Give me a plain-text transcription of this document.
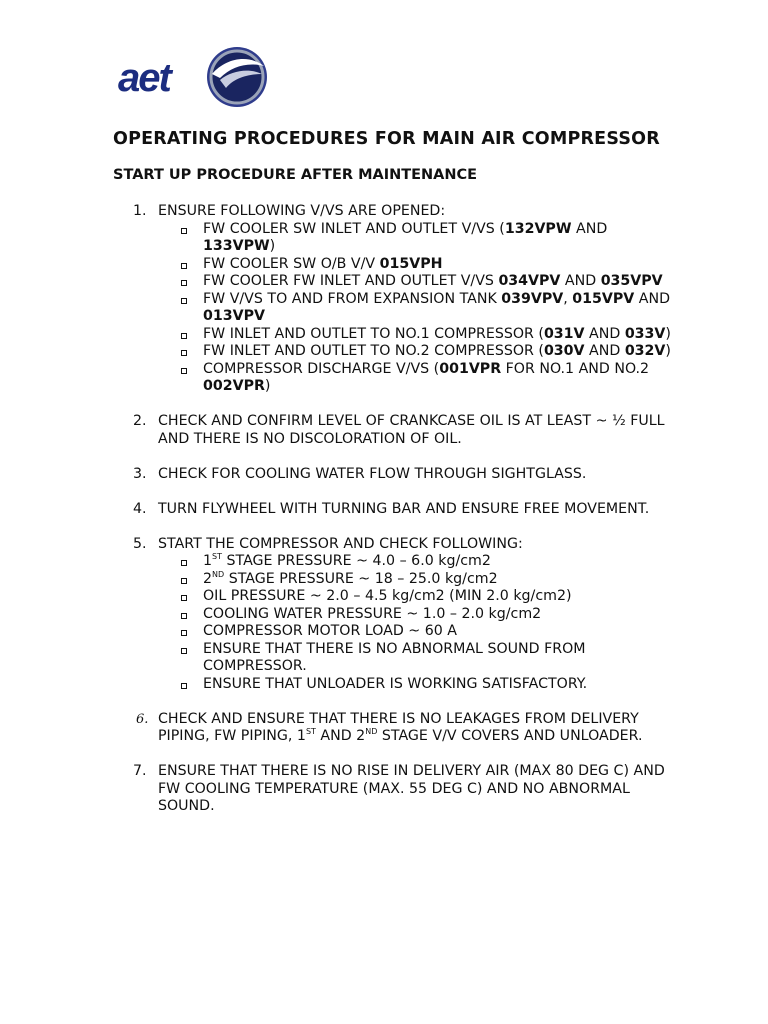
aet
OPERATING PROCEDURES FOR MAIN AIR COMPRESSOR
START UP PROCEDURE AFTER MAINTENANCE
1. ENSURE FOLLOWING V/VS ARE OPENED:
FW COOLER SW INLET AND OUTLET V/VS (132VPW AND 133VPW)
FW COOLER SW O/B V/V 015VPH
FW COOLER FW INLET AND OUTLET V/VS 034VPV AND 035VPV
FW V/VS TO AND FROM EXPANSION TANK 039VPV, 015VPV AND 013VPV
FW INLET AND OUTLET TO NO.1 COMPRESSOR (031V AND 033V)
FW INLET AND OUTLET TO NO.2 COMPRESSOR (030V AND 032V)
COMPRESSOR DISCHARGE V/VS (001VPR FOR NO.1 AND NO.2 002VPR)
2. CHECK AND CONFIRM LEVEL OF CRANKCASE OIL IS AT LEAST ~ ½ FULL AND THERE IS NO DISCOLORATION OF OIL.
3. CHECK FOR COOLING WATER FLOW THROUGH SIGHTGLASS.
4. TURN FLYWHEEL WITH TURNING BAR AND ENSURE FREE MOVEMENT.
5. START THE COMPRESSOR AND CHECK FOLLOWING:
1ST STAGE PRESSURE ~ 4.0 – 6.0 kg/cm2
2ND STAGE PRESSURE ~ 18 – 25.0 kg/cm2
OIL PRESSURE ~ 2.0 – 4.5 kg/cm2 (MIN 2.0 kg/cm2)
COOLING WATER PRESSURE ~ 1.0 – 2.0 kg/cm2
COMPRESSOR MOTOR LOAD ~ 60 A
ENSURE THAT THERE IS NO ABNORMAL SOUND FROM COMPRESSOR.
ENSURE THAT UNLOADER IS WORKING SATISFACTORY.
6. CHECK AND ENSURE THAT THERE IS NO LEAKAGES FROM DELIVERY PIPING, FW PIPING, 1ST AND 2ND STAGE V/V COVERS AND UNLOADER.
7. ENSURE THAT THERE IS NO RISE IN DELIVERY AIR (MAX 80 DEG C) AND FW COOLING TEMPERATURE (MAX. 55 DEG C) AND NO ABNORMAL SOUND.
